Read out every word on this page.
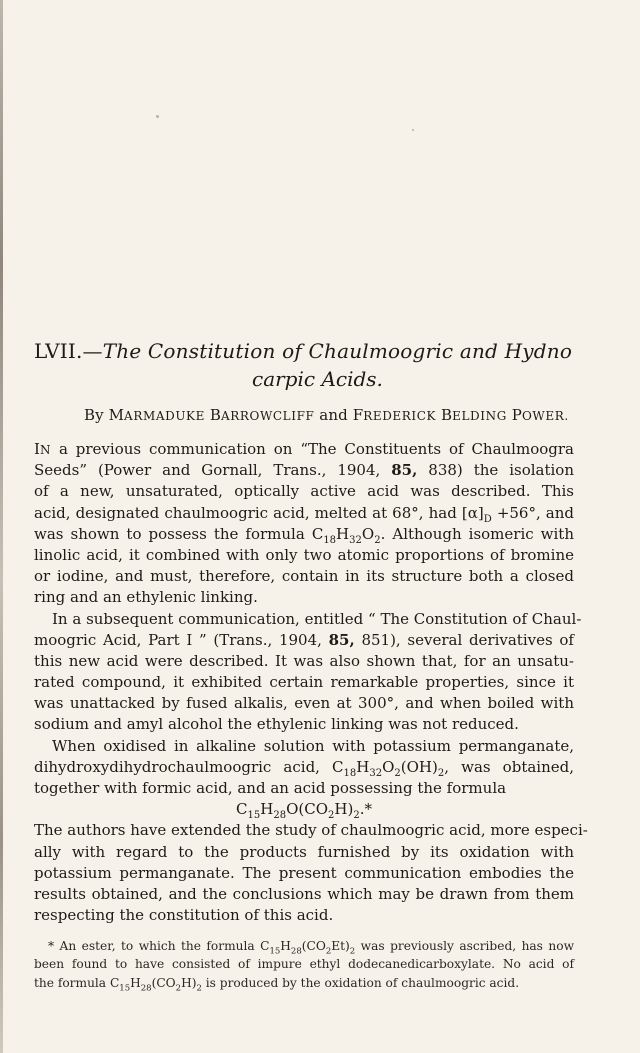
LVII.—The Constitution of Chaulmoogric and Hydno
carpic Acids.
By MARMADUKE BARROWCLIFF and FREDERICK BELDING POWER.
IN a previous communication on “The Constituents of Chaulmoogra
Seeds” (Power and Gornall, Trans., 1904, 85, 838) the isolation
of a new, unsaturated, optically active acid was described. This
acid, designated chaulmoogric acid, melted at 68°, had $[\alpha]_D +56^\circ$, and
was shown to possess the formula $C_{18}H_{32}O_2$. Although isomeric with
linolic acid, it combined with only two atomic proportions of bromine
or iodine, and must, therefore, contain in its structure both a closed
ring and an ethylenic linking.
In a subsequent communication, entitled “ The Constitution of Chaul-
moogric Acid, Part I ” (Trans., 1904, 85, 851), several derivatives of
this new acid were described. It was also shown that, for an unsatu-
rated compound, it exhibited certain remarkable properties, since it
was unattacked by fused alkalis, even at 300°, and when boiled with
sodium and amyl alcohol the ethylenic linking was not reduced.
When oxidised in alkaline solution with potassium permanganate,
dihydroxydihydrochaulmoogric acid, $C_{18}H_{32}O_2(OH)_2$, was obtained,
together with formic acid, and an acid possessing the formula
$C_{15}H_{28}O(CO_2H)_2.*$
The authors have extended the study of chaulmoogric acid, more especi-
ally with regard to the products furnished by its oxidation with
potassium permanganate. The present communication embodies the
results obtained, and the conclusions which may be drawn from them
respecting the constitution of this acid.
* An ester, to which the formula $C_{15}H_{28}(CO_2Et)_2$ was previously ascribed, has now
been found to have consisted of impure ethyl dodecanedicarboxylate. No acid of
the formula $C_{15}H_{28}(CO_2H)_2$ is produced by the oxidation of chaulmoogric acid.
